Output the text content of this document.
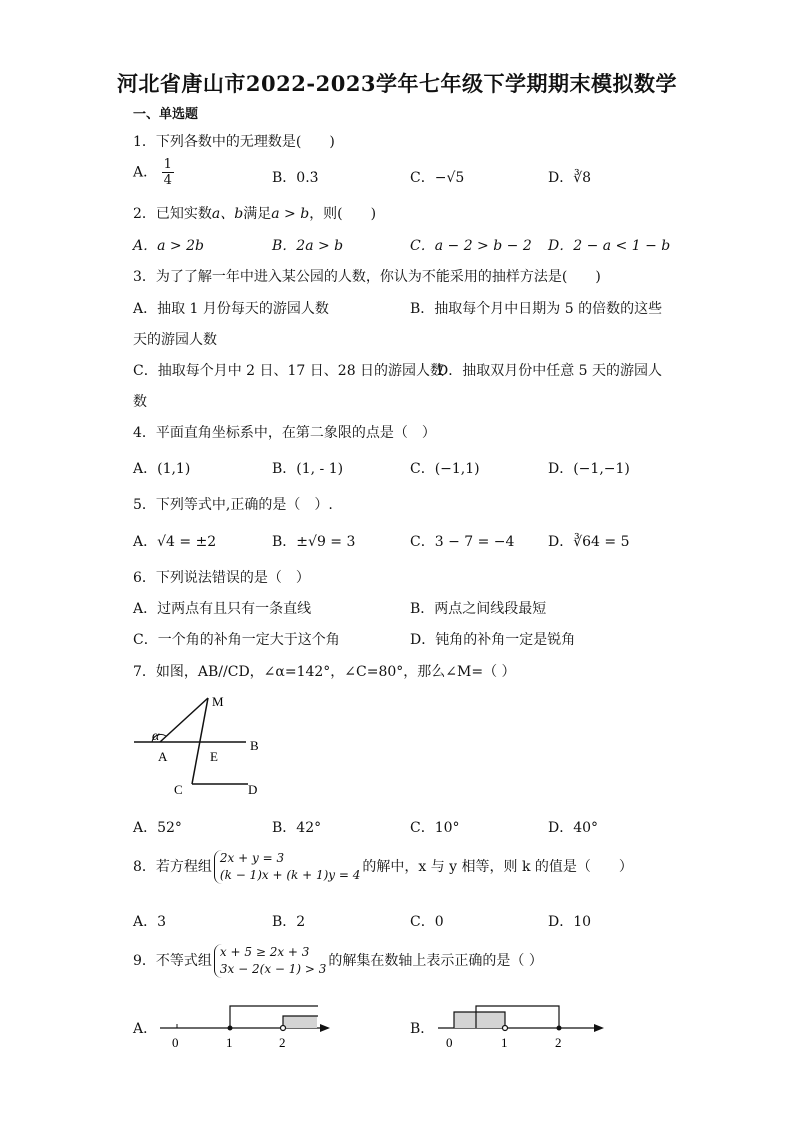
河北省唐山市2022-2023学年七年级下学期期末模拟数学
一、单选题
1．下列各数中的无理数是(　　)
A． $\frac{1}{4}$	B．0.3̇	C．−√5	D．∛8
2．已知实数a、b满足a > b，则(　　)
A．a > 2b	B．2a > b	C．a − 2 > b − 2 D．2 − a < 1 − b
3．为了了解一年中进入某公园的人数，你认为不能采用的抽样方法是(　　)
A．抽取 1 月份每天的游园人数	B．抽取每个月中日期为 5 的倍数的这些
天的游园人数
C．抽取每个月中 2 日、17 日、28 日的游园人数
D．抽取双月份中任意 5 天的游园人
数
4．平面直角坐标系中，在第二象限的点是（　）
A．(1,1)	B．(1, - 1)	C．(−1,1)	D．(−1,−1)
5．下列等式中,正确的是（　）.
A．√4 = ±2	B．±√9 = 3	C．3 − 7 = −4 D．∛64 = 5
6．下列说法错误的是（　）
A．过两点有且只有一条直线	B．两点之间线段最短
C．一个角的补角一定大于这个角	D．钝角的补角一定是锐角
7．如图，AB//CD，∠α=142°，∠C=80°，那么∠M=（ ）
M
α
A
B
E
C	D
A．52°	B．42°	C．10°	D．40°
8．若方程组
2x + y = 3
(k − 1)x + (k + 1)y = 4 的解中，x 与 y 相等，则 k 的值是（　　）
A．3	B．2	C．0	D．10
9．不等式组
x + 5 ≥ 2x + 3
3x − 2(x − 1) > 3 的解集在数轴上表示正确的是（ ）
A．
0	1	2
B．
0	1	2
